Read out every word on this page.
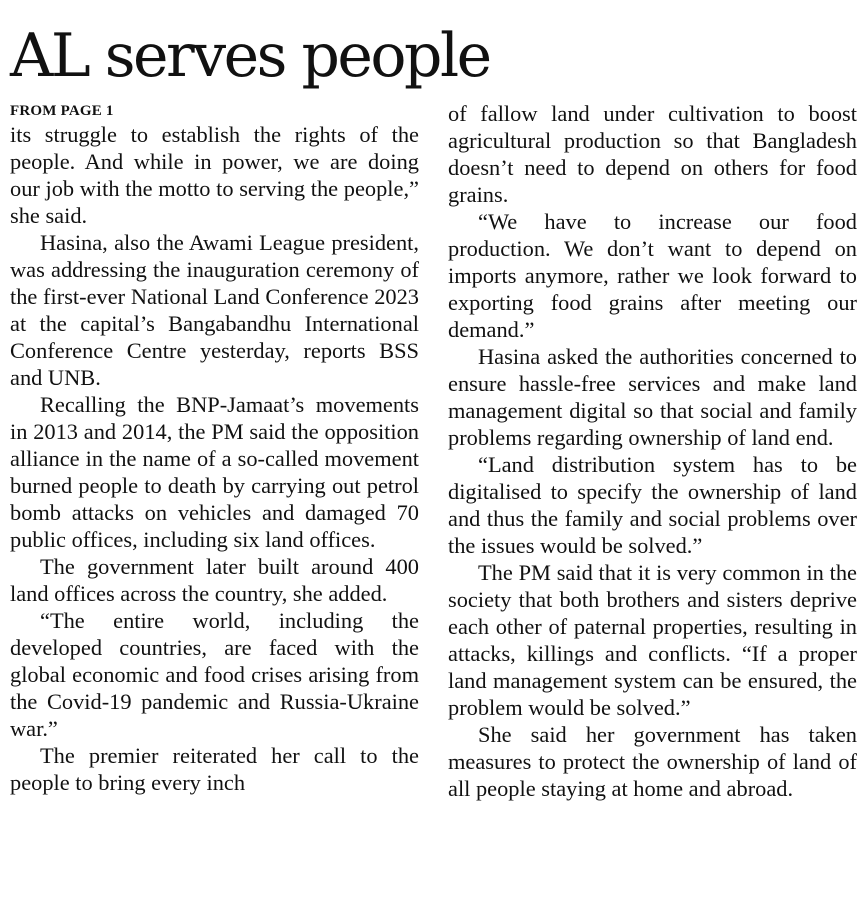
AL serves people
FROM PAGE 1

its struggle to establish the rights of the people. And while in power, we are doing our job with the motto to serving the people,” she said.

Hasina, also the Awami League president, was addressing the inauguration ceremony of the first-ever National Land Conference 2023 at the capital’s Bangabandhu International Conference Centre yesterday, reports BSS and UNB.

Recalling the BNP-Jamaat’s movements in 2013 and 2014, the PM said the opposition alliance in the name of a so-called movement burned people to death by carrying out petrol bomb attacks on vehicles and damaged 70 public offices, including six land offices.

The government later built around 400 land offices across the country, she added.

“The entire world, including the developed countries, are faced with the global economic and food crises arising from the Covid-19 pandemic and Russia-Ukraine war.”

The premier reiterated her call to the people to bring every inch

of fallow land under cultivation to boost agricultural production so that Bangladesh doesn’t need to depend on others for food grains.

“We have to increase our food production. We don’t want to depend on imports anymore, rather we look forward to exporting food grains after meeting our demand.”

Hasina asked the authorities concerned to ensure hassle-free services and make land management digital so that social and family problems regarding ownership of land end.

“Land distribution system has to be digitalised to specify the ownership of land and thus the family and social problems over the issues would be solved.”

The PM said that it is very common in the society that both brothers and sisters deprive each other of paternal properties, resulting in attacks, killings and conflicts. “If a proper land management system can be ensured, the problem would be solved.”

She said her government has taken measures to protect the ownership of land of all people staying at home and abroad.
